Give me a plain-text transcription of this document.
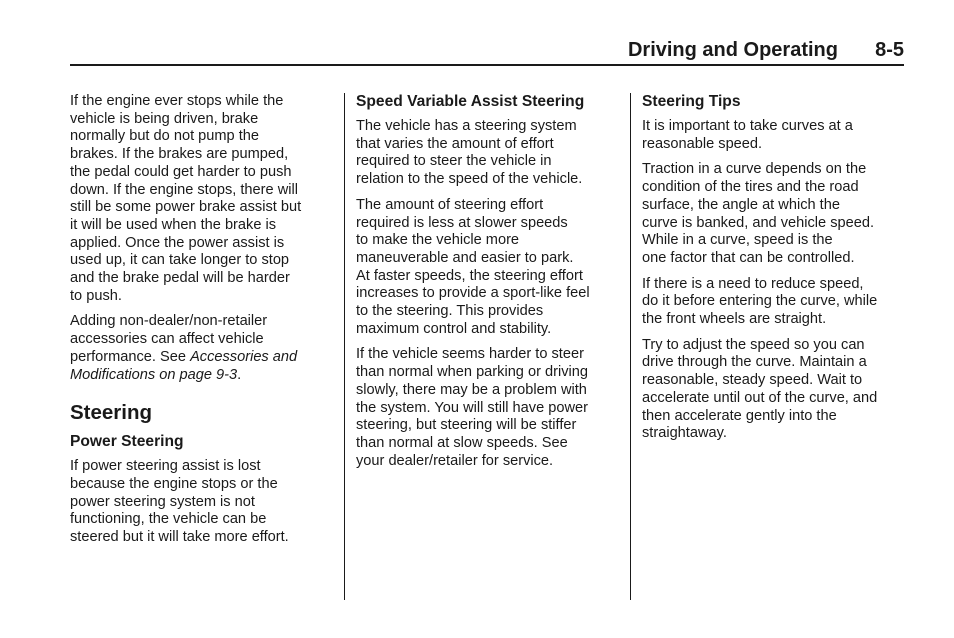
Driving and Operating 8-5

If the engine ever stops while the
vehicle is being driven, brake
normally but do not pump the
brakes. If the brakes are pumped,
the pedal could get harder to push
down. If the engine stops, there will
still be some power brake assist but
it will be used when the brake is
applied. Once the power assist is
used up, it can take longer to stop
and the brake pedal will be harder
to push.

Adding non-dealer/non-retailer
accessories can affect vehicle
performance. See Accessories and
Modifications on page 9-3.

Steering
Power Steering

If power steering assist is lost
because the engine stops or the
power steering system is not
functioning, the vehicle can be
steered but it will take more effort.

Speed Variable Assist Steering

The vehicle has a steering system
that varies the amount of effort
required to steer the vehicle in
relation to the speed of the vehicle.

The amount of steering effort
required is less at slower speeds
to make the vehicle more
maneuverable and easier to park.
At faster speeds, the steering effort
increases to provide a sport-like feel
to the steering. This provides
maximum control and stability.

If the vehicle seems harder to steer
than normal when parking or driving
slowly, there may be a problem with
the system. You will still have power
steering, but steering will be stiffer
than normal at slow speeds. See
your dealer/retailer for service.

Steering Tips

It is important to take curves at a
reasonable speed.

Traction in a curve depends on the
condition of the tires and the road
surface, the angle at which the
curve is banked, and vehicle speed.
While in a curve, speed is the
one factor that can be controlled.

If there is a need to reduce speed,
do it before entering the curve, while
the front wheels are straight.

Try to adjust the speed so you can
drive through the curve. Maintain a
reasonable, steady speed. Wait to
accelerate until out of the curve, and
then accelerate gently into the
straightaway.
